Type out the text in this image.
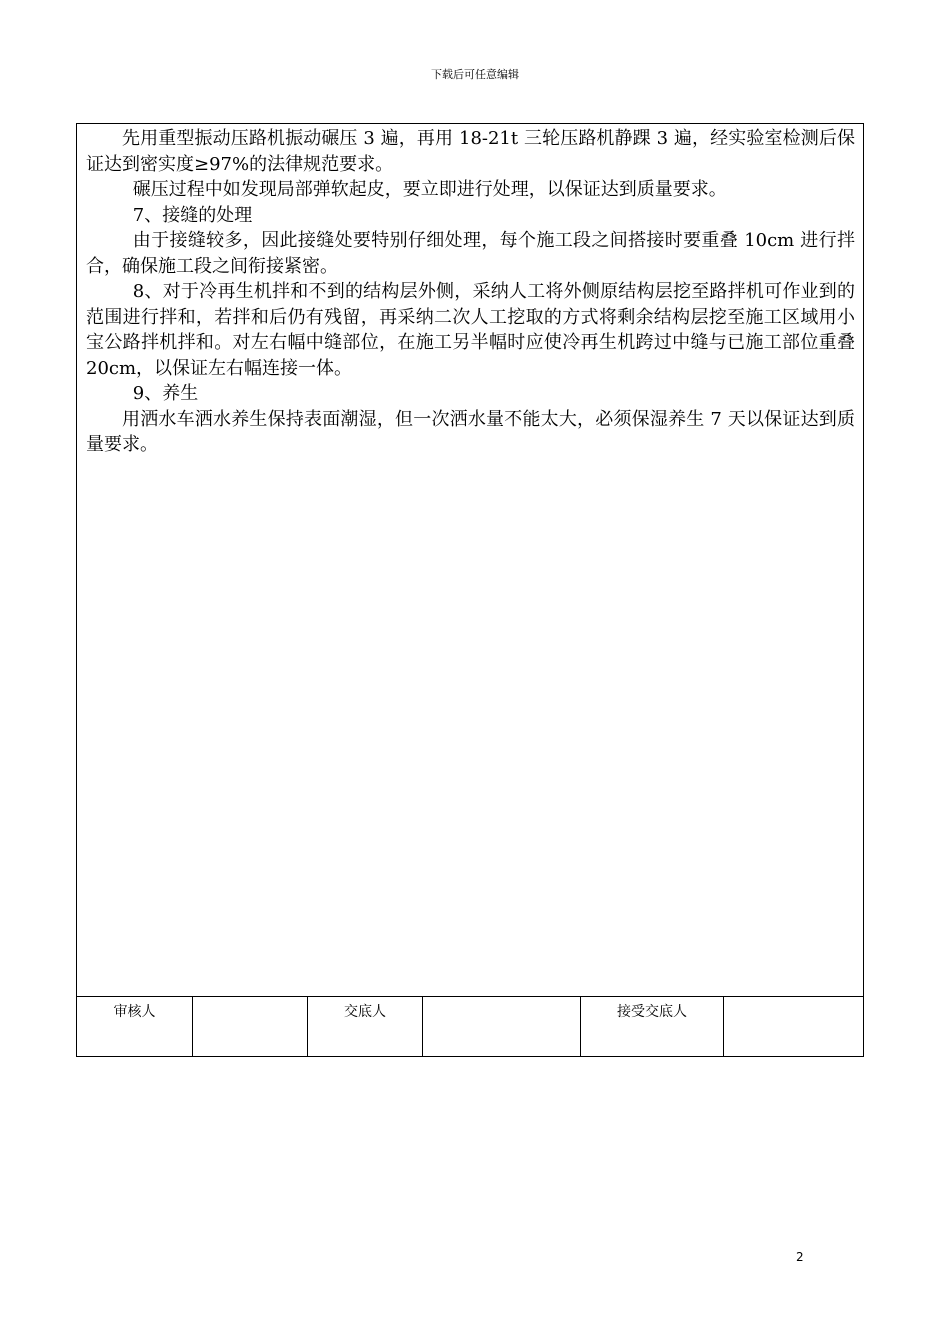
下载后可任意编辑

先用重型振动压路机振动碾压 3 遍，再用 18-21t 三轮压路机静踝 3 遍，经实验室检测后保证达到密实度≥97%的法律规范要求。

碾压过程中如发现局部弹软起皮，要立即进行处理，以保证达到质量要求。

7、接缝的处理

由于接缝较多，因此接缝处要特别仔细处理，每个施工段之间搭接时要重叠 10cm 进行拌合，确保施工段之间衔接紧密。

8、对于冷再生机拌和不到的结构层外侧，采纳人工将外侧原结构层挖至路拌机可作业到的范围进行拌和，若拌和后仍有残留，再采纳二次人工挖取的方式将剩余结构层挖至施工区域用小宝公路拌机拌和。对左右幅中缝部位，在施工另半幅时应使冷再生机跨过中缝与已施工部位重叠 20cm，以保证左右幅连接一体。

9、养生

用洒水车洒水养生保持表面潮湿，但一次洒水量不能太大，必须保湿养生 7 天以保证达到质量要求。

审核人	交底人	接受交底人
2
